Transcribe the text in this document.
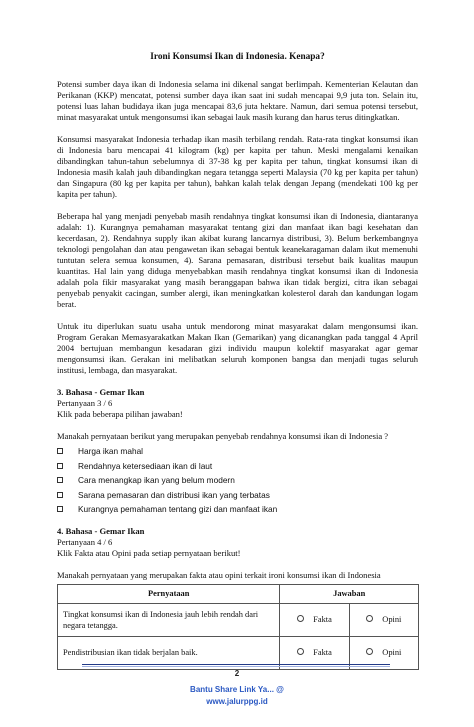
Ironi Konsumsi Ikan di Indonesia. Kenapa?

Potensi sumber daya ikan di Indonesia selama ini dikenal sangat berlimpah. Kementerian Kelautan dan Perikanan (KKP) mencatat, potensi sumber daya ikan saat ini sudah mencapai 9,9 juta ton. Selain itu, potensi luas lahan budidaya ikan juga mencapai 83,6 juta hektare. Namun, dari semua potensi tersebut, minat masyarakat untuk mengonsumsi ikan sebagai lauk masih kurang dan harus terus ditingkatkan.

Konsumsi masyarakat Indonesia terhadap ikan masih terbilang rendah. Rata-rata tingkat konsumsi ikan di Indonesia baru mencapai 41 kilogram (kg) per kapita per tahun. Meski mengalami kenaikan dibandingkan tahun-tahun sebelumnya di 37-38 kg per kapita per tahun, tingkat konsumsi ikan di Indonesia masih kalah jauh dibandingkan negara tetangga seperti Malaysia (70 kg per kapita per tahun) dan Singapura (80 kg per kapita per tahun), bahkan kalah telak dengan Jepang (mendekati 100 kg per kapita per tahun).

Beberapa hal yang menjadi penyebab masih rendahnya tingkat konsumsi ikan di Indonesia, diantaranya adalah: 1). Kurangnya pemahaman masyarakat tentang gizi dan manfaat ikan bagi kesehatan dan kecerdasan, 2). Rendahnya supply ikan akibat kurang lancarnya distribusi, 3). Belum berkembangnya teknologi pengolahan dan atau pengawetan ikan sebagai bentuk keanekaragaman dalam ikut memenuhi tuntutan selera semua konsumen, 4). Sarana pemasaran, distribusi tersebut baik kualitas maupun kuantitas. Hal lain yang diduga menyebabkan masih rendahnya tingkat konsumsi ikan di Indonesia adalah pola fikir masyarakat yang masih beranggapan bahwa ikan tidak bergizi, citra ikan sebagai penyebab penyakit cacingan, sumber alergi, ikan meningkatkan kolesterol darah dan kandungan logam berat.

Untuk itu diperlukan suatu usaha untuk mendorong minat masyarakat dalam mengonsumsi ikan. Program Gerakan Memasyarakatkan Makan Ikan (Gemarikan) yang dicanangkan pada tanggal 4 April 2004 bertujuan membangun kesadaran gizi individu maupun kolektif masyarakat agar gemar mengonsumsi ikan. Gerakan ini melibatkan seluruh komponen bangsa dan menjadi tugas seluruh institusi, lembaga, dan masyarakat.

3. Bahasa - Gemar Ikan
Pertanyaan 3 / 6
Klik pada beberapa pilihan jawaban!
Manakah pernyataan berikut yang merupakan penyebab rendahnya konsumsi ikan di Indonesia ?
Harga ikan mahal
Rendahnya ketersediaan ikan di laut
Cara menangkap ikan yang belum modern
Sarana pemasaran dan distribusi ikan yang terbatas
Kurangnya pemahaman tentang gizi dan manfaat ikan
4. Bahasa - Gemar Ikan
Pertanyaan 4 / 6
Klik Fakta atau Opini pada setiap pernyataan berikut!
Manakah pernyataan yang merupakan fakta atau opini terkait ironi konsumsi ikan di Indonesia
Pernyataan	Jawaban	
Tingkat konsumsi ikan di Indonesia jauh lebih rendah dari negara tetangga.	Fakta	Opini
Pendistribusian ikan tidak berjalan baik.	Fakta	Opini
2
Bantu Share Link Ya... @
www.jalurppg.id
